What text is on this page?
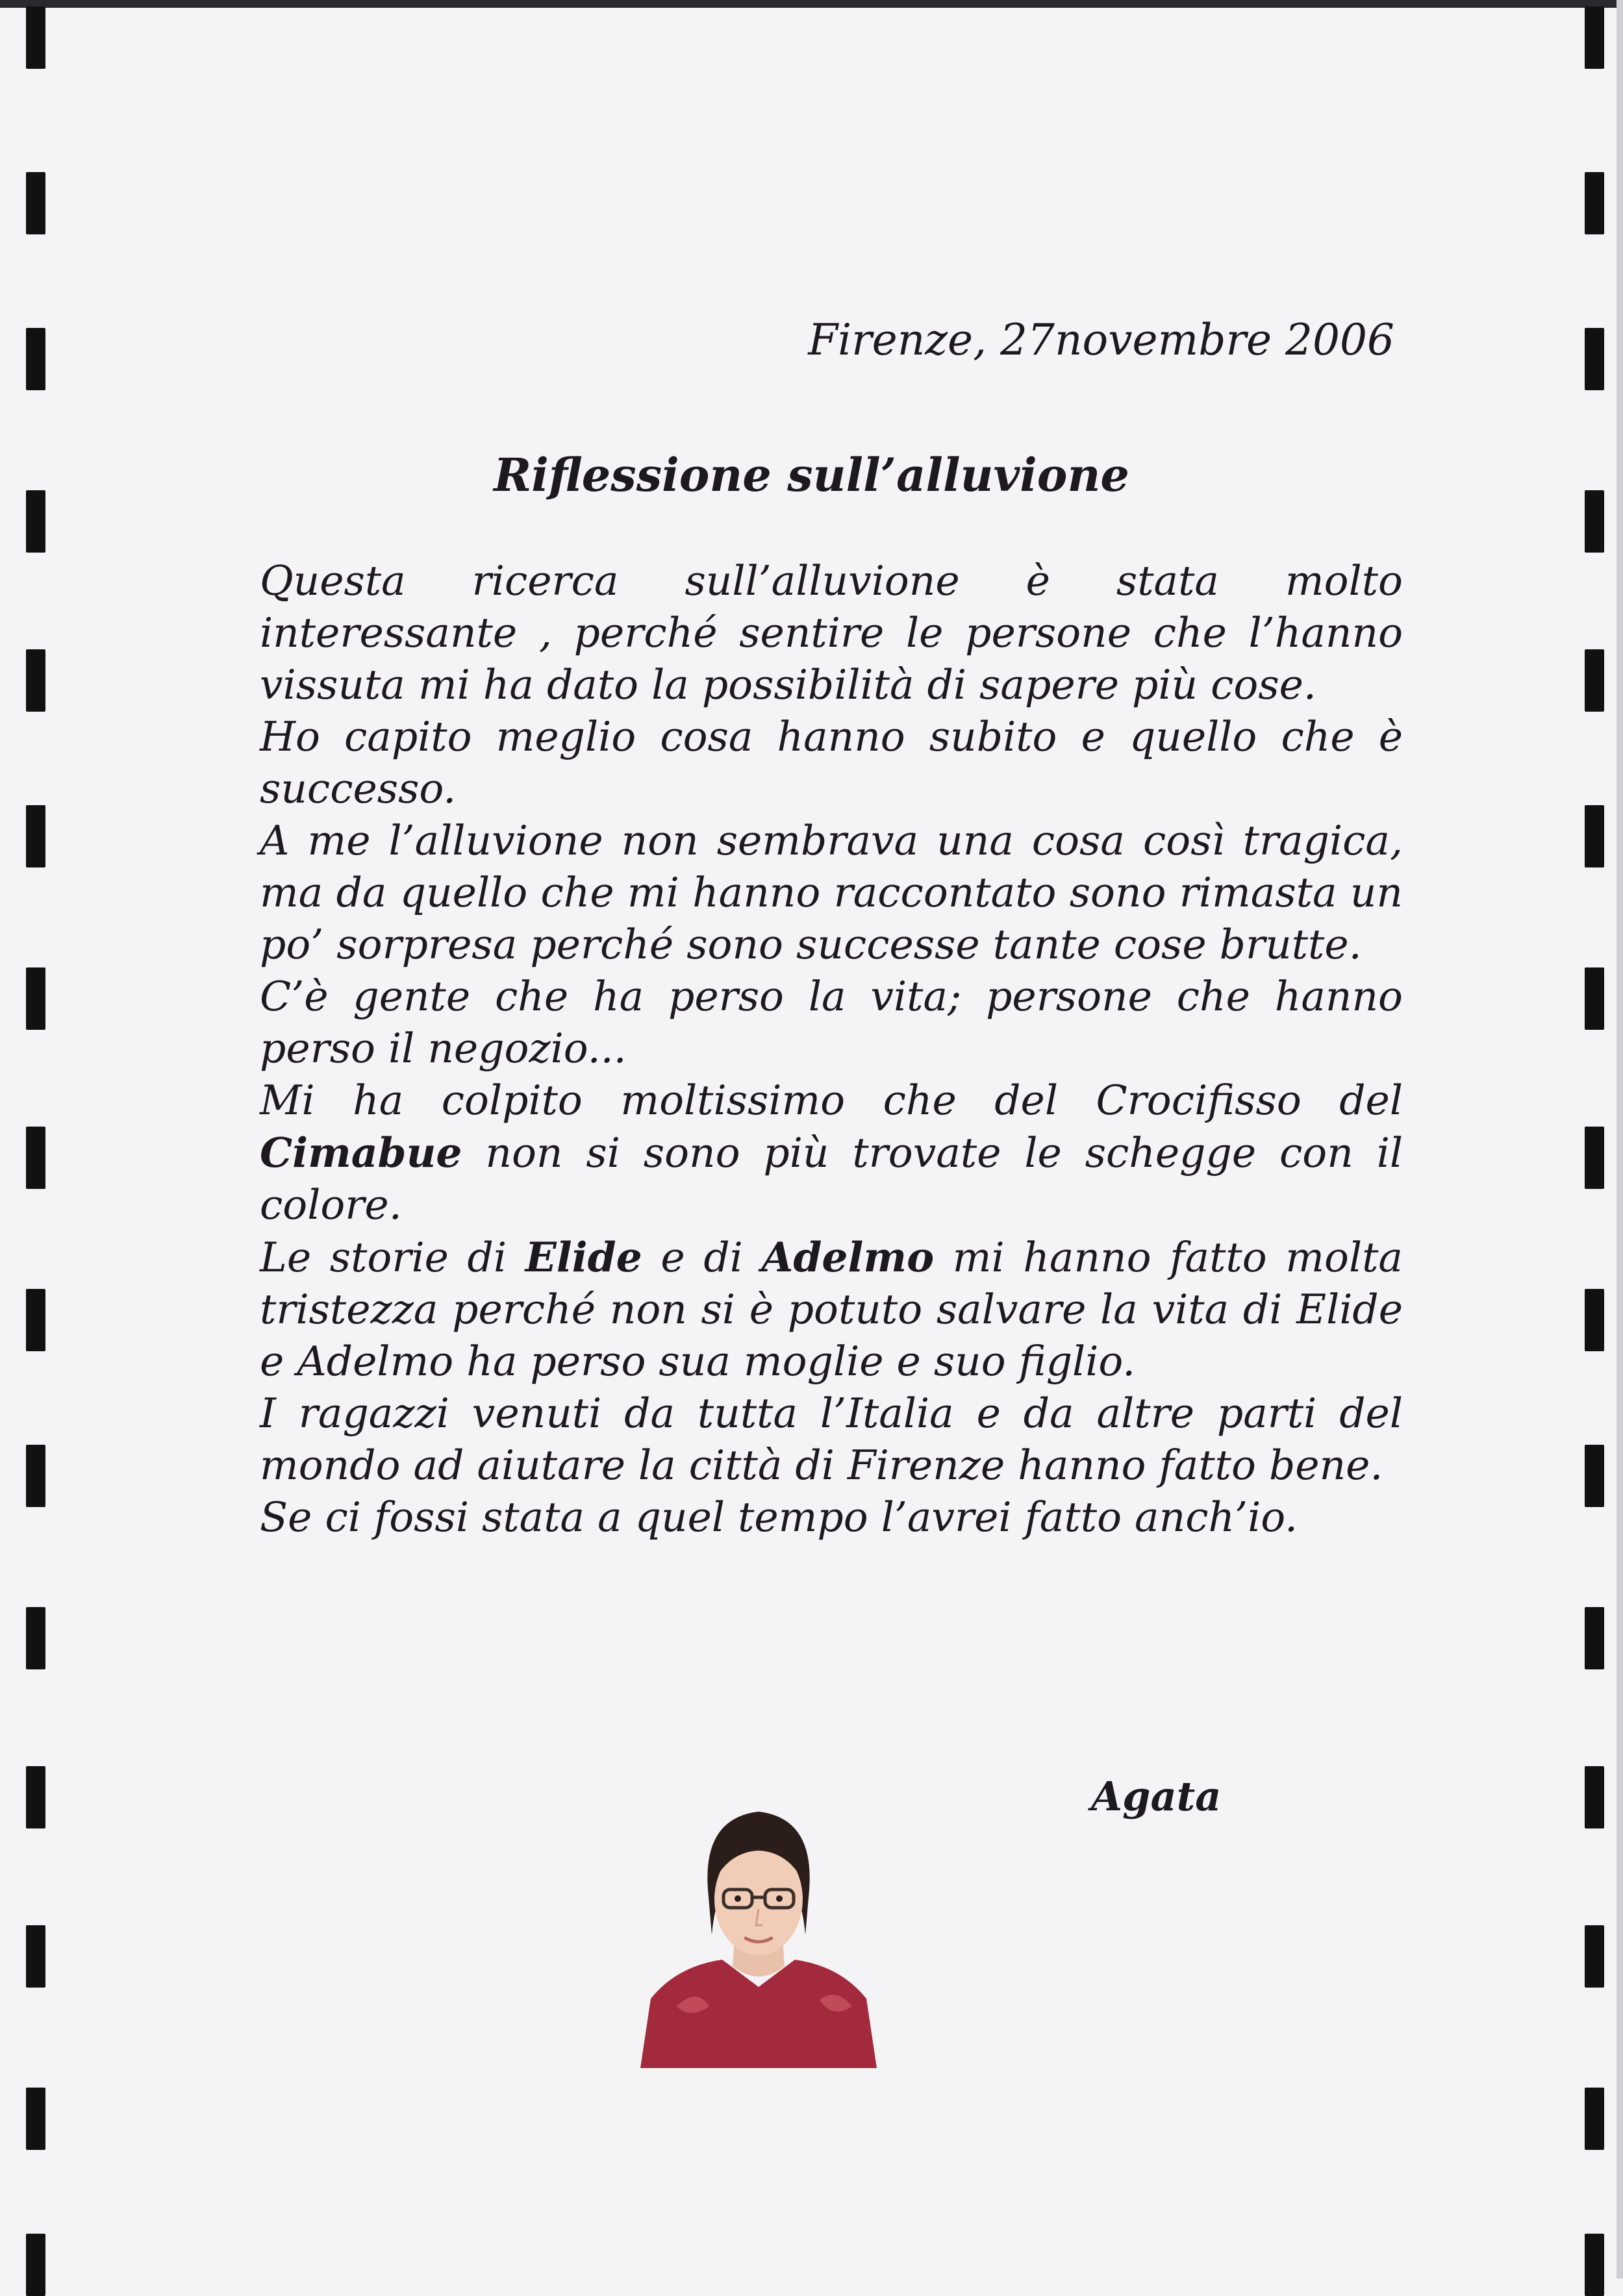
Firenze, 27novembre 2006
Riflessione sull’alluvione

Questa ricerca sull’alluvione è stata molto interessante , perché sentire le persone che l’hanno vissuta mi ha dato la possibilità di sapere più cose.

Ho capito meglio cosa hanno subito e quello che è successo.

A me l’alluvione non sembrava una cosa così tragica, ma da quello che mi hanno raccontato sono rimasta un po’ sorpresa perché sono successe tante cose brutte.

C’è gente che ha perso la vita; persone che hanno perso il negozio...

Mi ha colpito moltissimo che del Crocifisso del Cimabue non si sono più trovate le schegge con il colore.

Le storie di Elide e di Adelmo mi hanno fatto molta tristezza perché non si è potuto salvare la vita di Elide e Adelmo ha perso sua moglie e suo figlio.

I ragazzi venuti da tutta l’Italia e da altre parti del mondo ad aiutare la città di Firenze hanno fatto bene.

Se ci fossi stata a quel tempo l’avrei fatto anch’io.

Agata
